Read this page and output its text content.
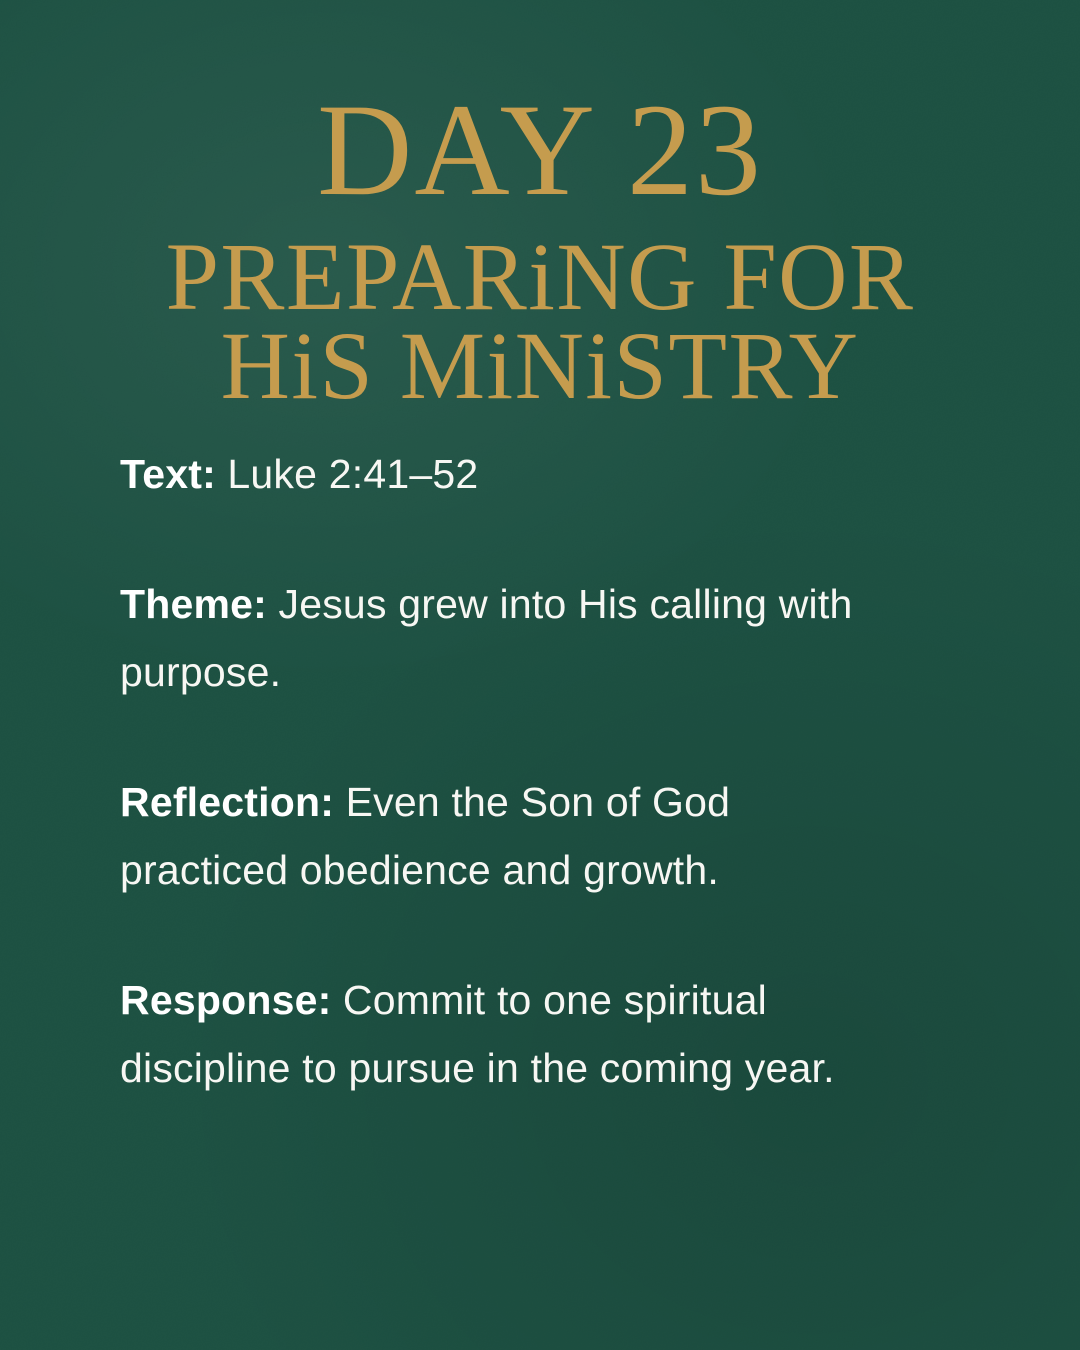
DAY 23
PREPARiNG FOR
HiS MiNiSTRY

Text: Luke 2:41–52

Theme: Jesus grew into His calling with purpose.

Reflection: Even the Son of God practiced obedience and growth.

Response: Commit to one spiritual discipline to pursue in the coming year.
